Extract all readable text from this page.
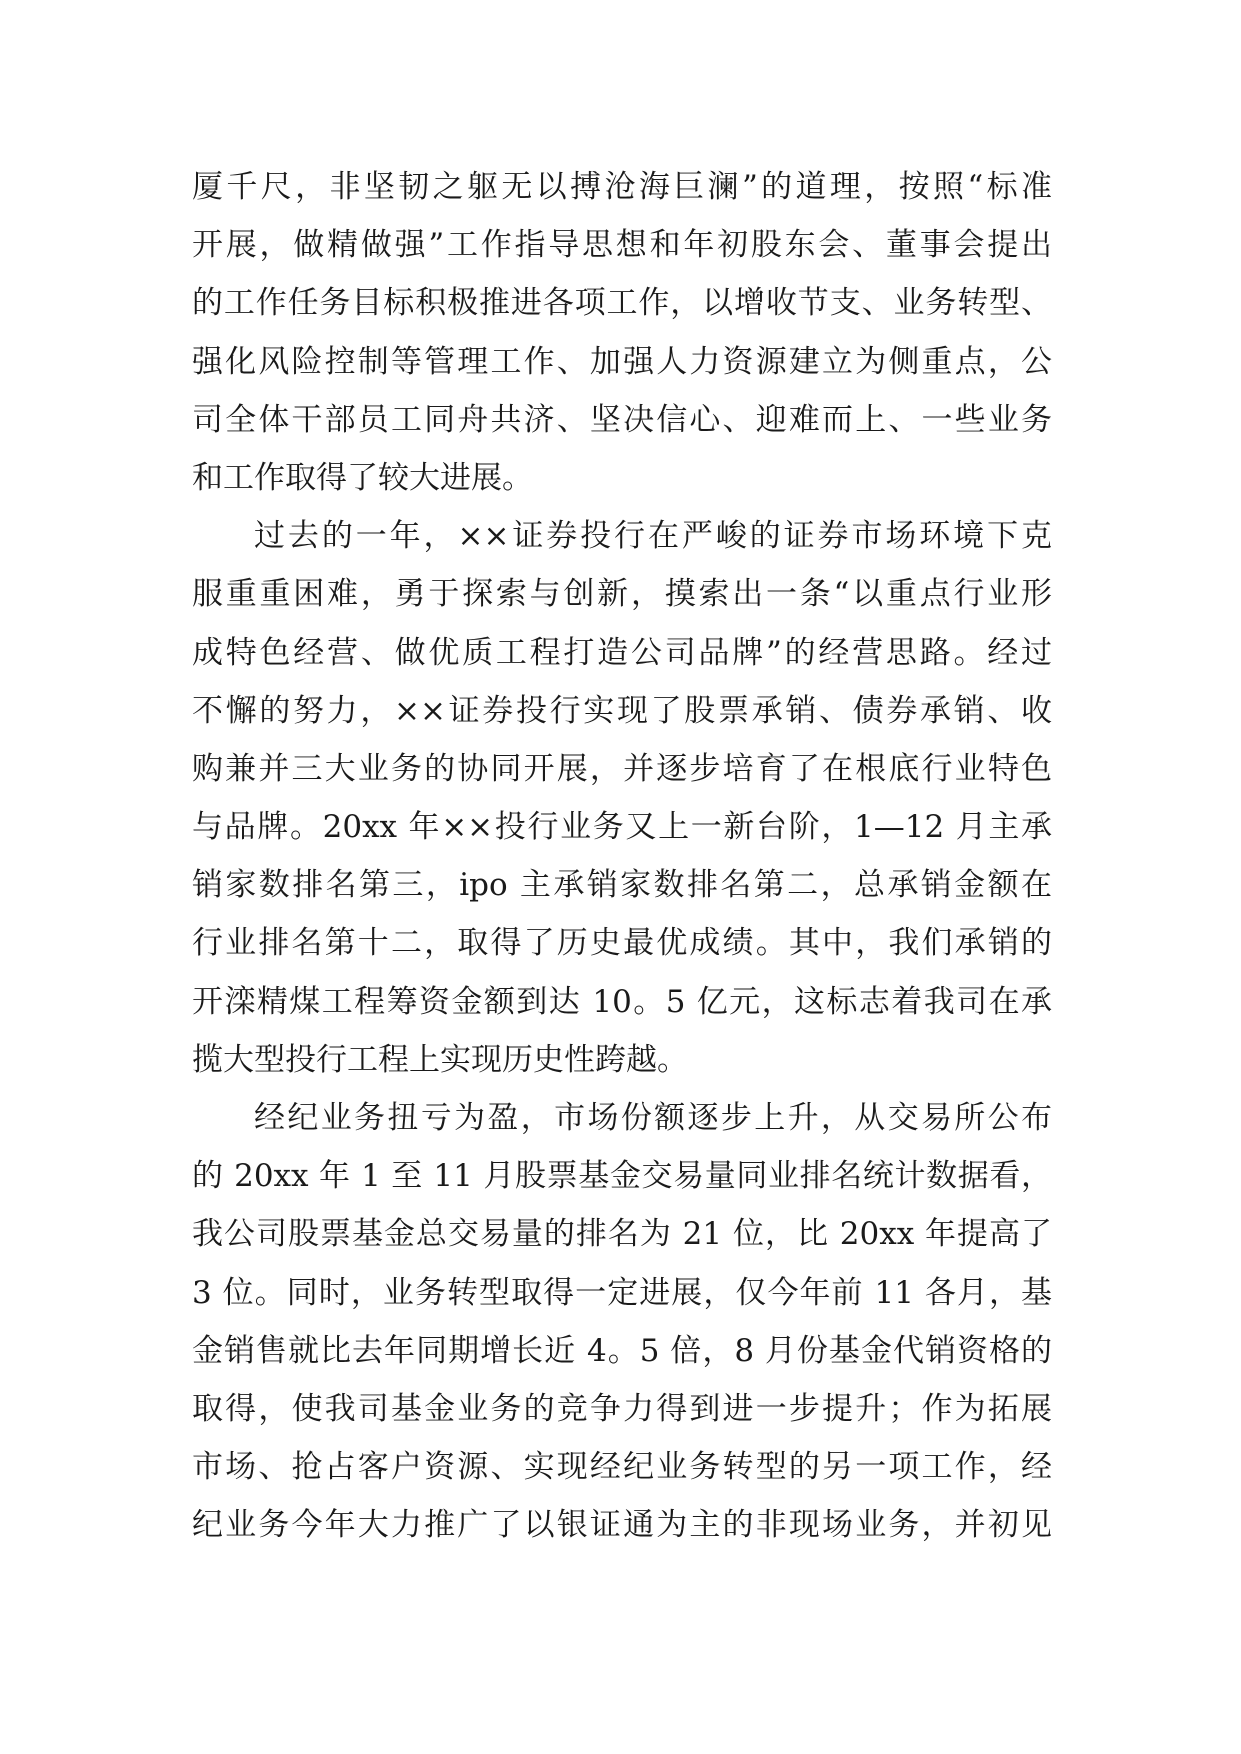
厦千尺，非坚韧之躯无以搏沧海巨澜”的道理，按照“标准
开展，做精做强”工作指导思想和年初股东会、董事会提出
的工作任务目标积极推进各项工作，以增收节支、业务转型、
强化风险控制等管理工作、加强人力资源建立为侧重点，公
司全体干部员工同舟共济、坚决信心、迎难而上、一些业务
和工作取得了较大进展。
过去的一年，××证券投行在严峻的证券市场环境下克
服重重困难，勇于探索与创新，摸索出一条“以重点行业形
成特色经营、做优质工程打造公司品牌”的经营思路。经过
不懈的努力，××证券投行实现了股票承销、债券承销、收
购兼并三大业务的协同开展，并逐步培育了在根底行业特色
与品牌。20xx 年××投行业务又上一新台阶，1—12 月主承
销家数排名第三，ipo 主承销家数排名第二，总承销金额在
行业排名第十二，取得了历史最优成绩。其中，我们承销的
开滦精煤工程筹资金额到达 10。5 亿元，这标志着我司在承
揽大型投行工程上实现历史性跨越。
经纪业务扭亏为盈，市场份额逐步上升，从交易所公布
的 20xx 年 1 至 11 月股票基金交易量同业排名统计数据看，
我公司股票基金总交易量的排名为 21 位，比 20xx 年提高了
3 位。同时，业务转型取得一定进展，仅今年前 11 各月，基
金销售就比去年同期增长近 4。5 倍，8 月份基金代销资格的
取得，使我司基金业务的竞争力得到进一步提升；作为拓展
市场、抢占客户资源、实现经纪业务转型的另一项工作，经
纪业务今年大力推广了以银证通为主的非现场业务，并初见
